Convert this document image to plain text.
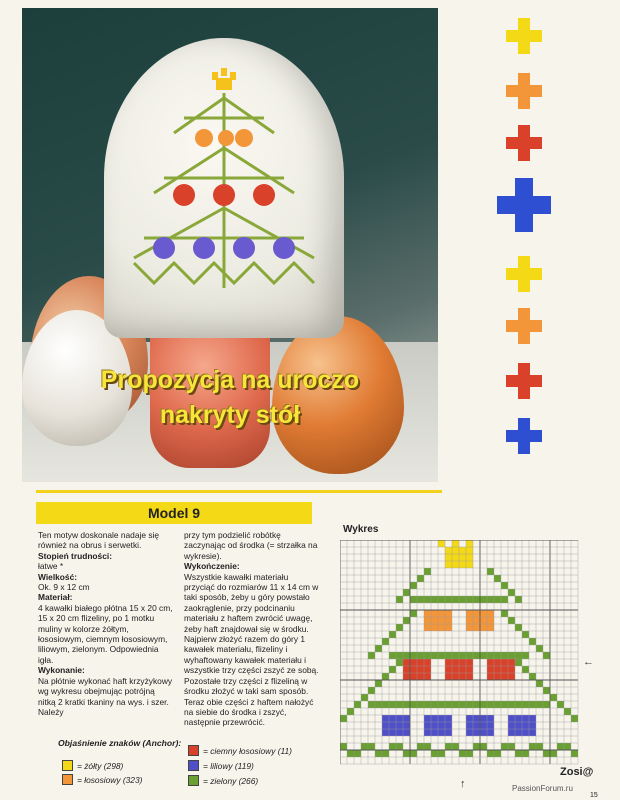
Propozycja na uroczo
nakryty stół
Model 9

Ten motyw doskonale nadaje się również na obrus i serwetki.

Stopień trudności:

łatwe *

Wielkość:

Ok. 9 x 12 cm

Materiał:

4 kawałki białego płótna 15 x 20 cm, 15 x 20 cm flizeliny, po 1 motku muliny w kolorze żółtym, łososiowym, ciemnym łososiowym, liliowym, zielonym. Odpowiednia igła.

Wykonanie:

Na płótnie wykonać haft krzyżykowy wg wykresu obejmując potrójną nitką 2 kratki tkaniny na wys. i szer. Należy

przy tym podzielić robótkę zaczynając od środka (= strzałka na wykresie).

Wykończenie:

Wszystkie kawałki materiału przyciąć do rozmiarów 11 x 14 cm w taki sposób, żeby u góry powstało zaokrąglenie, przy podcinaniu materiału z haftem zwrócić uwagę, żeby haft znajdował się w środku. Najpierw złożyć razem do góry 1 kawałek materiału, flizeliny i wyhaftowany kawałek materiału i wszystkie trzy części zszyć ze sobą. Pozostałe trzy części z flizeliną w środku złożyć w taki sam sposób. Teraz obie części z haftem nałożyć na siebie do środka i zszyć, następnie przewrócić.

Objaśnienie znaków (Anchor):
= żółty (298)
= łososiowy (323)
= ciemny łososiowy (11)
= liliowy (119)
= zielony (266)
Wykres
←
↑
Zosi@
PassionForum.ru
15
